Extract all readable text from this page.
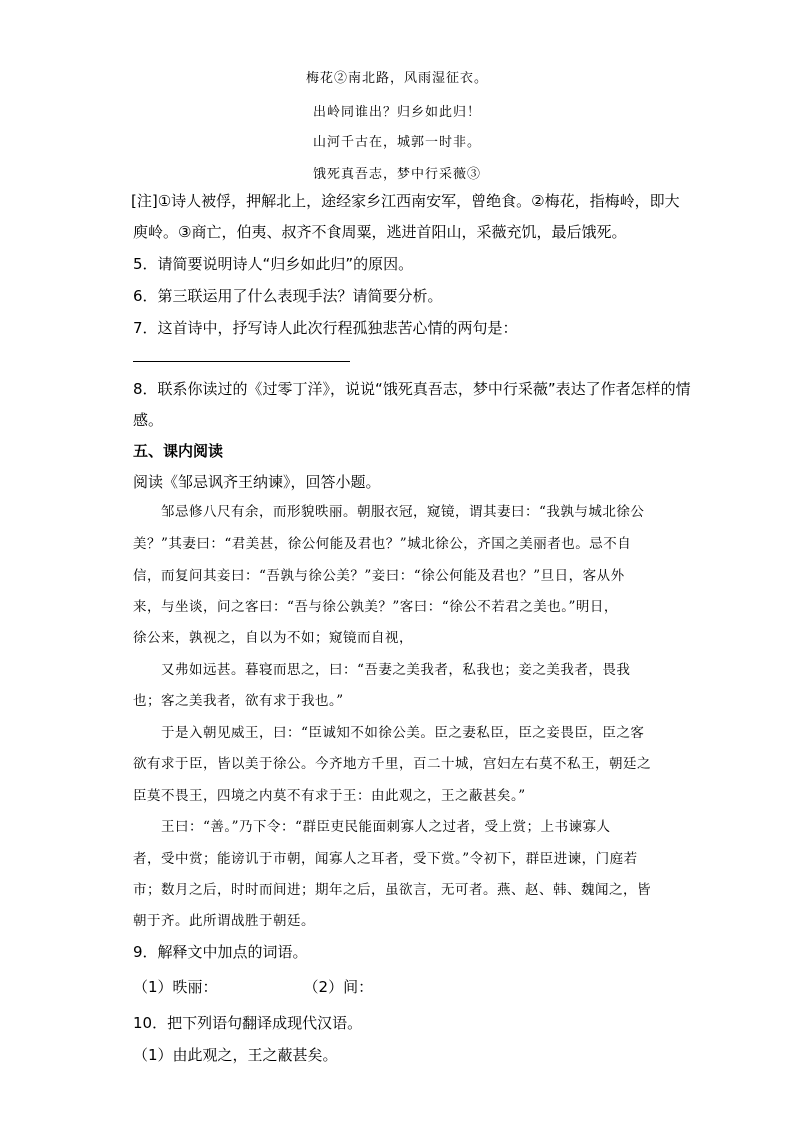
梅花②南北路，风雨湿征衣。
出岭同谁出？归乡如此归！
山河千古在，城郭一时非。
饿死真吾志，梦中行采薇③
[注]①诗人被俘，押解北上，途经家乡江西南安军，曾绝食。②梅花，指梅岭，即大
庾岭。③商亡，伯夷、叔齐不食周粟，逃进首阳山，采薇充饥，最后饿死。
5．请简要说明诗人“归乡如此归”的原因。
6．第三联运用了什么表现手法？请简要分析。
7．这首诗中，抒写诗人此次行程孤独悲苦心情的两句是：
8．联系你读过的《过零丁洋》，说说“饿死真吾志，梦中行采薇”表达了作者怎样的情
感。
五、课内阅读
阅读《邹忌讽齐王纳谏》，回答小题。
　　邹忌修八尺有余，而形貌昳丽。朝服衣冠，窥镜，谓其妻曰：“我孰与城北徐公
美？”其妻曰：“君美甚，徐公何能及君也？”城北徐公，齐国之美丽者也。忌不自
信，而复问其妾曰：“吾孰与徐公美？”妾曰：“徐公何能及君也？”旦日，客从外
来，与坐谈，问之客曰：“吾与徐公孰美？”客曰：“徐公不若君之美也。”明日，
徐公来，孰视之，自以为不如；窥镜而自视，
　　又弗如远甚。暮寝而思之，曰：“吾妻之美我者，私我也；妾之美我者，畏我
也；客之美我者，欲有求于我也。”
　　于是入朝见威王，曰：“臣诚知不如徐公美。臣之妻私臣，臣之妾畏臣，臣之客
欲有求于臣，皆以美于徐公。今齐地方千里，百二十城，宫妇左右莫不私王，朝廷之
臣莫不畏王，四境之内莫不有求于王：由此观之，王之蔽甚矣。”
　　王曰：“善。”乃下令：“群臣吏民能面刺寡人之过者，受上赏；上书谏寡人
者，受中赏；能谤讥于市朝，闻寡人之耳者，受下赏。”令初下，群臣进谏，门庭若
市；数月之后，时时而间进；期年之后，虽欲言，无可者。燕、赵、韩、魏闻之，皆
朝于齐。此所谓战胜于朝廷。
9．解释文中加点的词语。
（1）昳丽：	（2）间：
10．把下列语句翻译成现代汉语。
（1）由此观之，王之蔽甚矣。
